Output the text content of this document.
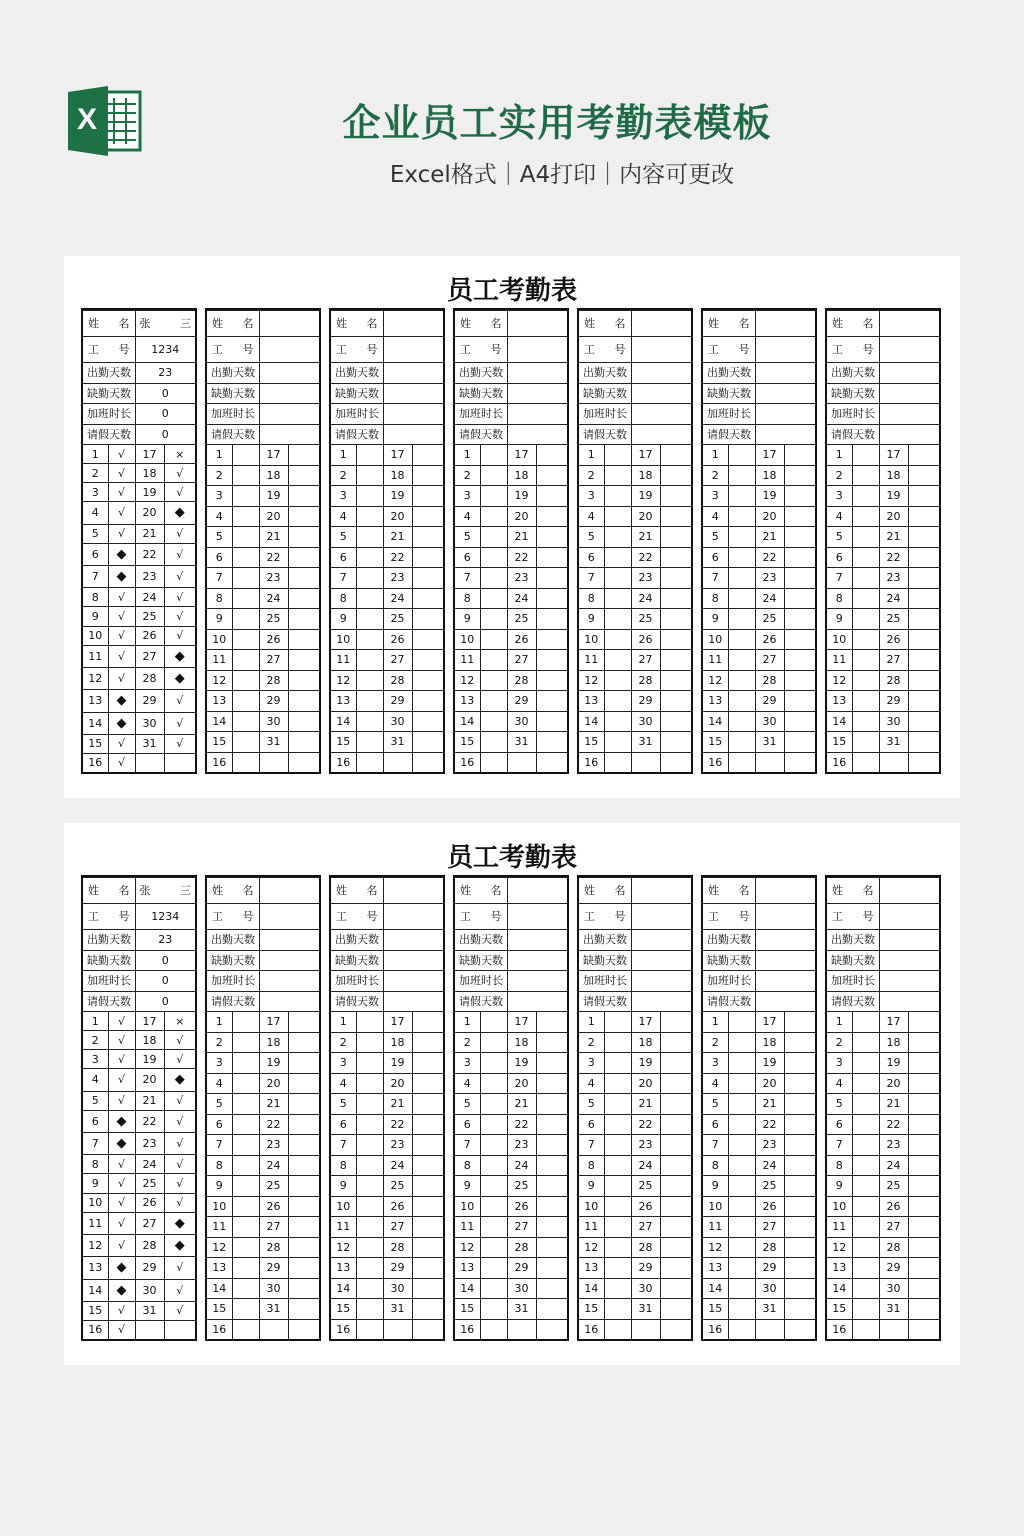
X	企业员工实用考勤表模板
Excel格式｜A4打印｜内容可更改
员工考勤表
姓　名		张　三	
工　号		1234	
出勤天数		23	
缺勤天数		0	
加班时长		0	
请假天数		0	
1	√	17	×
2	√	18	√
3	√	19	√
4	√	20	◆
5	√	21	√
6	◆	22	√
7	◆	23	√
8	√	24	√
9	√	25	√
10	√	26	√
11	√	27	◆
12	√	28	◆
13	◆	29	√
14	◆	30	√
15	√	31	√
16	√		
姓　名			
工　号			
出勤天数			
缺勤天数			
加班时长			
请假天数			
1		17	
2		18	
3		19	
4		20	
5		21	
6		22	
7		23	
8		24	
9		25	
10		26	
11		27	
12		28	
13		29	
14		30	
15		31	
16			
姓　名			
工　号			
出勤天数			
缺勤天数			
加班时长			
请假天数			
1		17	
2		18	
3		19	
4		20	
5		21	
6		22	
7		23	
8		24	
9		25	
10		26	
11		27	
12		28	
13		29	
14		30	
15		31	
16			
姓　名			
工　号			
出勤天数			
缺勤天数			
加班时长			
请假天数			
1		17	
2		18	
3		19	
4		20	
5		21	
6		22	
7		23	
8		24	
9		25	
10		26	
11		27	
12		28	
13		29	
14		30	
15		31	
16			
姓　名			
工　号			
出勤天数			
缺勤天数			
加班时长			
请假天数			
1		17	
2		18	
3		19	
4		20	
5		21	
6		22	
7		23	
8		24	
9		25	
10		26	
11		27	
12		28	
13		29	
14		30	
15		31	
16			
姓　名			
工　号			
出勤天数			
缺勤天数			
加班时长			
请假天数			
1		17	
2		18	
3		19	
4		20	
5		21	
6		22	
7		23	
8		24	
9		25	
10		26	
11		27	
12		28	
13		29	
14		30	
15		31	
16			
姓　名			
工　号			
出勤天数			
缺勤天数			
加班时长			
请假天数			
1		17	
2		18	
3		19	
4		20	
5		21	
6		22	
7		23	
8		24	
9		25	
10		26	
11		27	
12		28	
13		29	
14		30	
15		31	
16			
员工考勤表
姓　名		张　三	
工　号		1234	
出勤天数		23	
缺勤天数		0	
加班时长		0	
请假天数		0	
1	√	17	×
2	√	18	√
3	√	19	√
4	√	20	◆
5	√	21	√
6	◆	22	√
7	◆	23	√
8	√	24	√
9	√	25	√
10	√	26	√
11	√	27	◆
12	√	28	◆
13	◆	29	√
14	◆	30	√
15	√	31	√
16	√		
姓　名			
工　号			
出勤天数			
缺勤天数			
加班时长			
请假天数			
1		17	
2		18	
3		19	
4		20	
5		21	
6		22	
7		23	
8		24	
9		25	
10		26	
11		27	
12		28	
13		29	
14		30	
15		31	
16			
姓　名			
工　号			
出勤天数			
缺勤天数			
加班时长			
请假天数			
1		17	
2		18	
3		19	
4		20	
5		21	
6		22	
7		23	
8		24	
9		25	
10		26	
11		27	
12		28	
13		29	
14		30	
15		31	
16			
姓　名			
工　号			
出勤天数			
缺勤天数			
加班时长			
请假天数			
1		17	
2		18	
3		19	
4		20	
5		21	
6		22	
7		23	
8		24	
9		25	
10		26	
11		27	
12		28	
13		29	
14		30	
15		31	
16			
姓　名			
工　号			
出勤天数			
缺勤天数			
加班时长			
请假天数			
1		17	
2		18	
3		19	
4		20	
5		21	
6		22	
7		23	
8		24	
9		25	
10		26	
11		27	
12		28	
13		29	
14		30	
15		31	
16			
姓　名			
工　号			
出勤天数			
缺勤天数			
加班时长			
请假天数			
1		17	
2		18	
3		19	
4		20	
5		21	
6		22	
7		23	
8		24	
9		25	
10		26	
11		27	
12		28	
13		29	
14		30	
15		31	
16			
姓　名			
工　号			
出勤天数			
缺勤天数			
加班时长			
请假天数			
1		17	
2		18	
3		19	
4		20	
5		21	
6		22	
7		23	
8		24	
9		25	
10		26	
11		27	
12		28	
13		29	
14		30	
15		31	
16			
